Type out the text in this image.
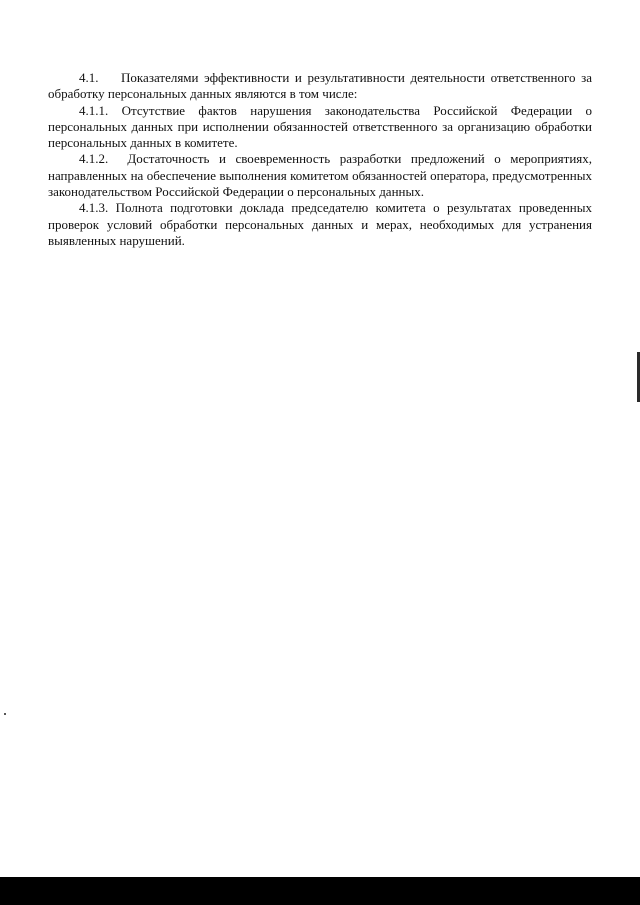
4.1. Показателями эффективности и результативности деятельности ответственного за обработку персональных данных являются в том числе:

4.1.1. Отсутствие фактов нарушения законодательства Российской Федерации о персональных данных при исполнении обязанностей ответственного за организацию обработки персональных данных в комитете.

4.1.2. Достаточность и своевременность разработки предложений о мероприятиях, направленных на обеспечение выполнения комитетом обязанностей оператора, предусмотренных законодательством Российской Федерации о персональных данных.

4.1.3. Полнота подготовки доклада председателю комитета о результатах проведенных проверок условий обработки персональных данных и мерах, необходимых для устранения выявленных нарушений.
